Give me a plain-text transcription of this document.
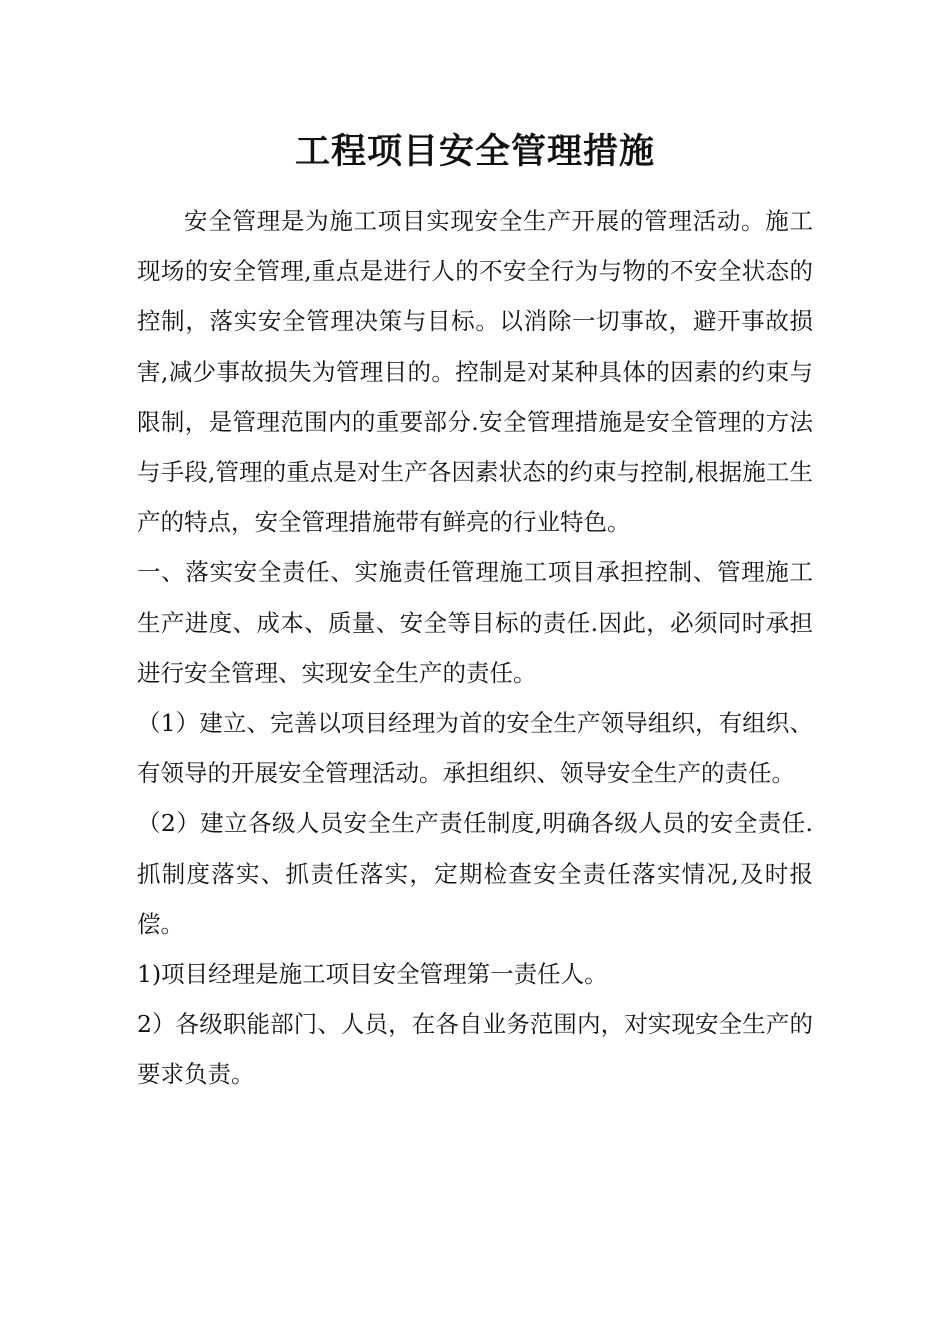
工程项目安全管理措施

安全管理是为施工项目实现安全生产开展的管理活动。施工现场的安全管理,重点是进行人的不安全行为与物的不安全状态的控制，落实安全管理决策与目标。以消除一切事故，避开事故损害,减少事故损失为管理目的。控制是对某种具体的因素的约束与限制，是管理范围内的重要部分.安全管理措施是安全管理的方法与手段,管理的重点是对生产各因素状态的约束与控制,根据施工生产的特点，安全管理措施带有鲜亮的行业特色。

一、落实安全责任、实施责任管理施工项目承担控制、管理施工生产进度、成本、质量、安全等目标的责任.因此，必须同时承担进行安全管理、实现安全生产的责任。

（1）建立、完善以项目经理为首的安全生产领导组织，有组织、有领导的开展安全管理活动。承担组织、领导安全生产的责任。

（2）建立各级人员安全生产责任制度,明确各级人员的安全责任.抓制度落实、抓责任落实，定期检查安全责任落实情况,及时报偿。

1)项目经理是施工项目安全管理第一责任人。

2）各级职能部门、人员，在各自业务范围内，对实现安全生产的要求负责。
